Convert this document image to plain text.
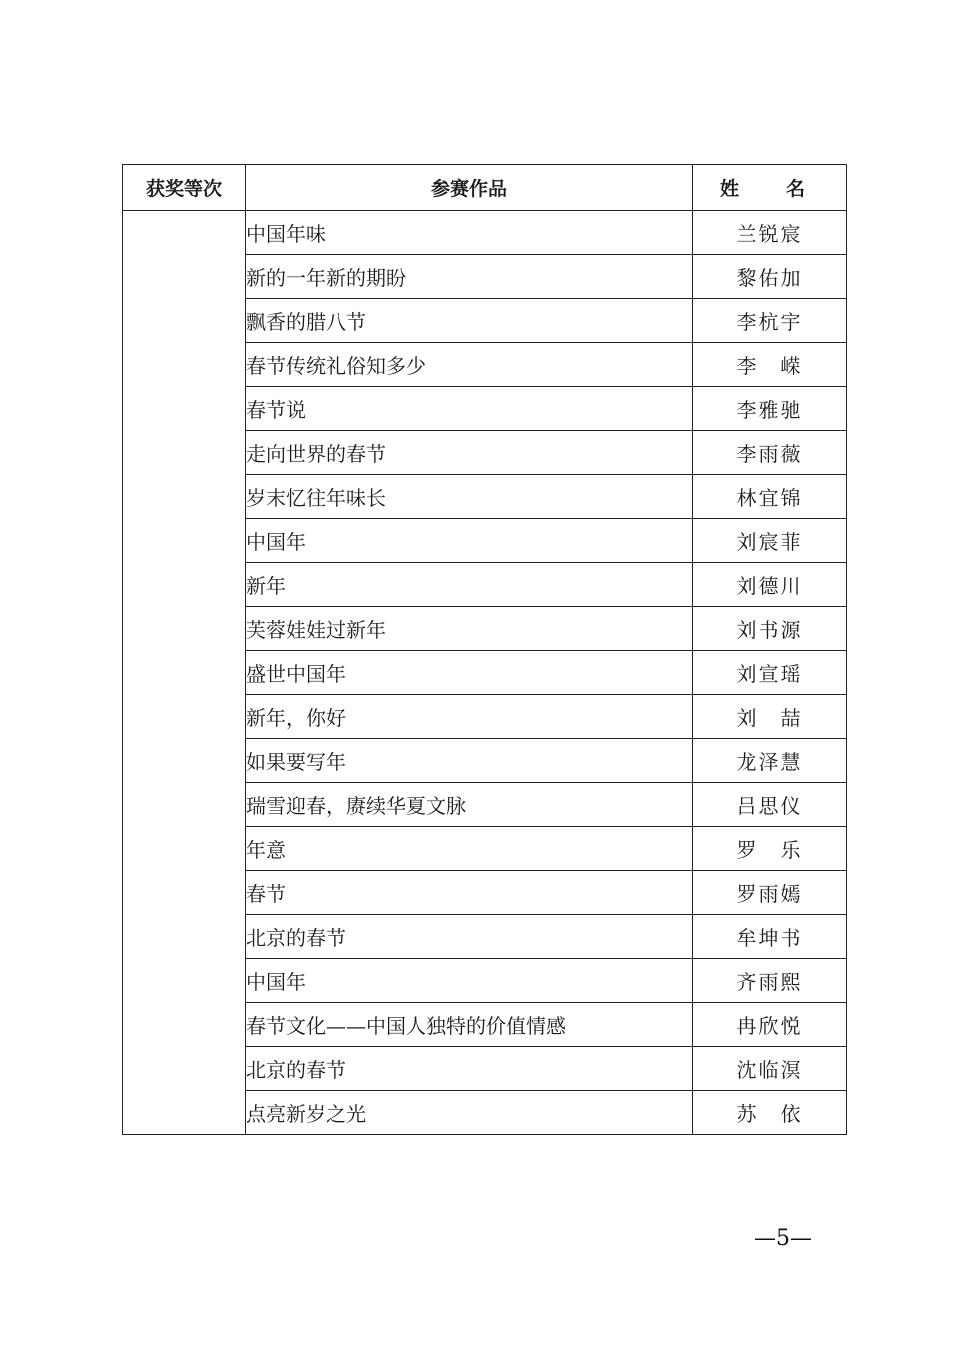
获奖等次	参赛作品	姓　名
	中国年味	兰锐宸
	新的一年新的期盼	黎佑加
	飘香的腊八节	李杭宇
	春节传统礼俗知多少	李　嵘
	春节说	李雅驰
	走向世界的春节	李雨薇
	岁末忆往年味长	林宜锦
	中国年	刘宸菲
	新年	刘德川
	芙蓉娃娃过新年	刘书源
	盛世中国年	刘宣瑶
	新年，你好	刘　喆
	如果要写年	龙泽慧
	瑞雪迎春，赓续华夏文脉	吕思仪
	年意	罗　乐
	春节	罗雨嫣
	北京的春节	牟坤书
	中国年	齐雨熙
	春节文化——中国人独特的价值情感	冉欣悦
	北京的春节	沈临溟
	点亮新岁之光	苏　依
—5—
